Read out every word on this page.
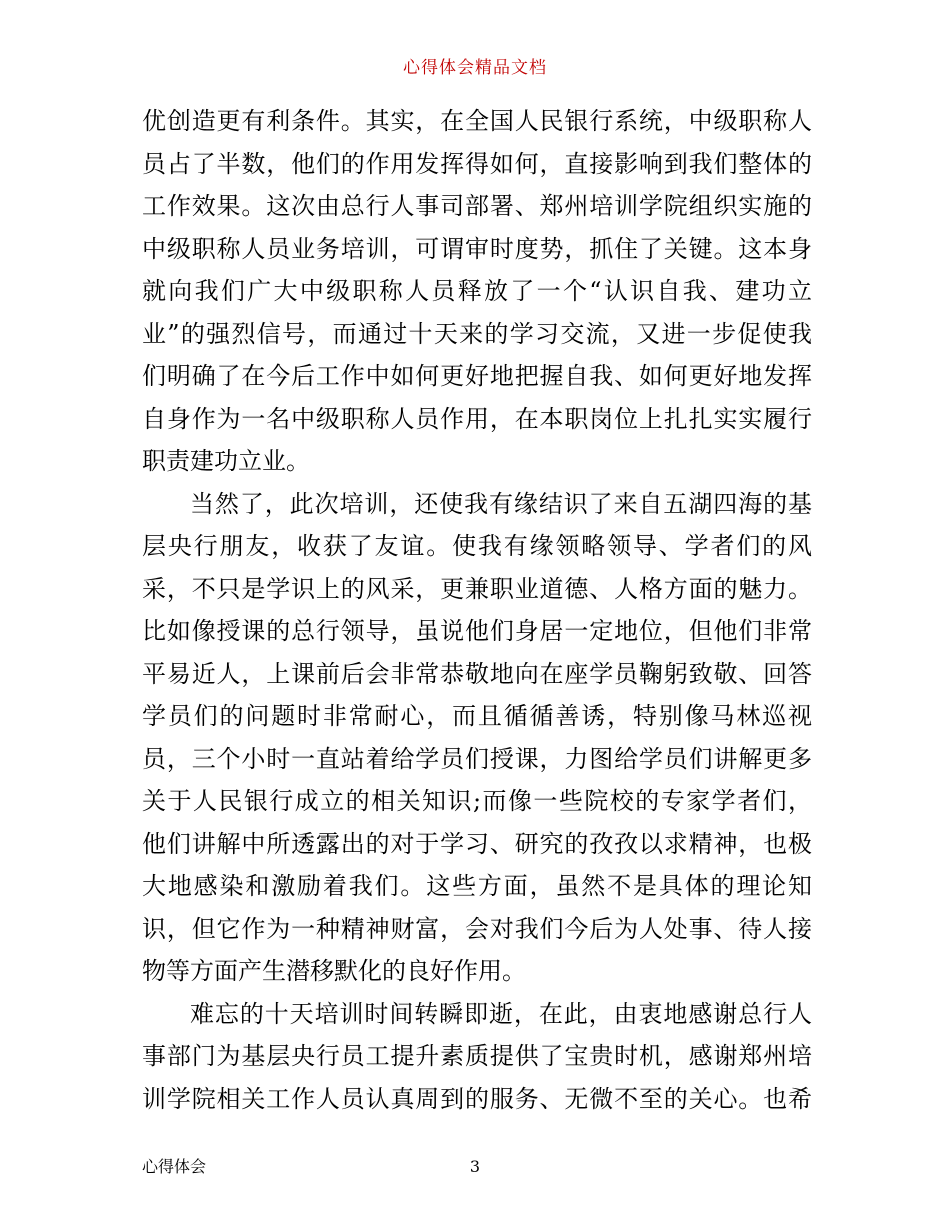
心得体会精品文档
优创造更有利条件。其实，在全国人民银行系统，中级职称人
员占了半数，他们的作用发挥得如何，直接影响到我们整体的
工作效果。这次由总行人事司部署、郑州培训学院组织实施的
中级职称人员业务培训，可谓审时度势，抓住了关键。这本身
就向我们广大中级职称人员释放了一个“认识自我、建功立
业”的强烈信号，而通过十天来的学习交流，又进一步促使我
们明确了在今后工作中如何更好地把握自我、如何更好地发挥
自身作为一名中级职称人员作用，在本职岗位上扎扎实实履行
职责建功立业。
当然了，此次培训，还使我有缘结识了来自五湖四海的基
层央行朋友，收获了友谊。使我有缘领略领导、学者们的风
采，不只是学识上的风采，更兼职业道德、人格方面的魅力。
比如像授课的总行领导，虽说他们身居一定地位，但他们非常
平易近人，上课前后会非常恭敬地向在座学员鞠躬致敬、回答
学员们的问题时非常耐心，而且循循善诱，特别像马林巡视
员，三个小时一直站着给学员们授课，力图给学员们讲解更多
关于人民银行成立的相关知识;而像一些院校的专家学者们，
他们讲解中所透露出的对于学习、研究的孜孜以求精神，也极
大地感染和激励着我们。这些方面，虽然不是具体的理论知
识，但它作为一种精神财富，会对我们今后为人处事、待人接
物等方面产生潜移默化的良好作用。
难忘的十天培训时间转瞬即逝，在此，由衷地感谢总行人
事部门为基层央行员工提升素质提供了宝贵时机，感谢郑州培
训学院相关工作人员认真周到的服务、无微不至的关心。也希
心得体会	3
